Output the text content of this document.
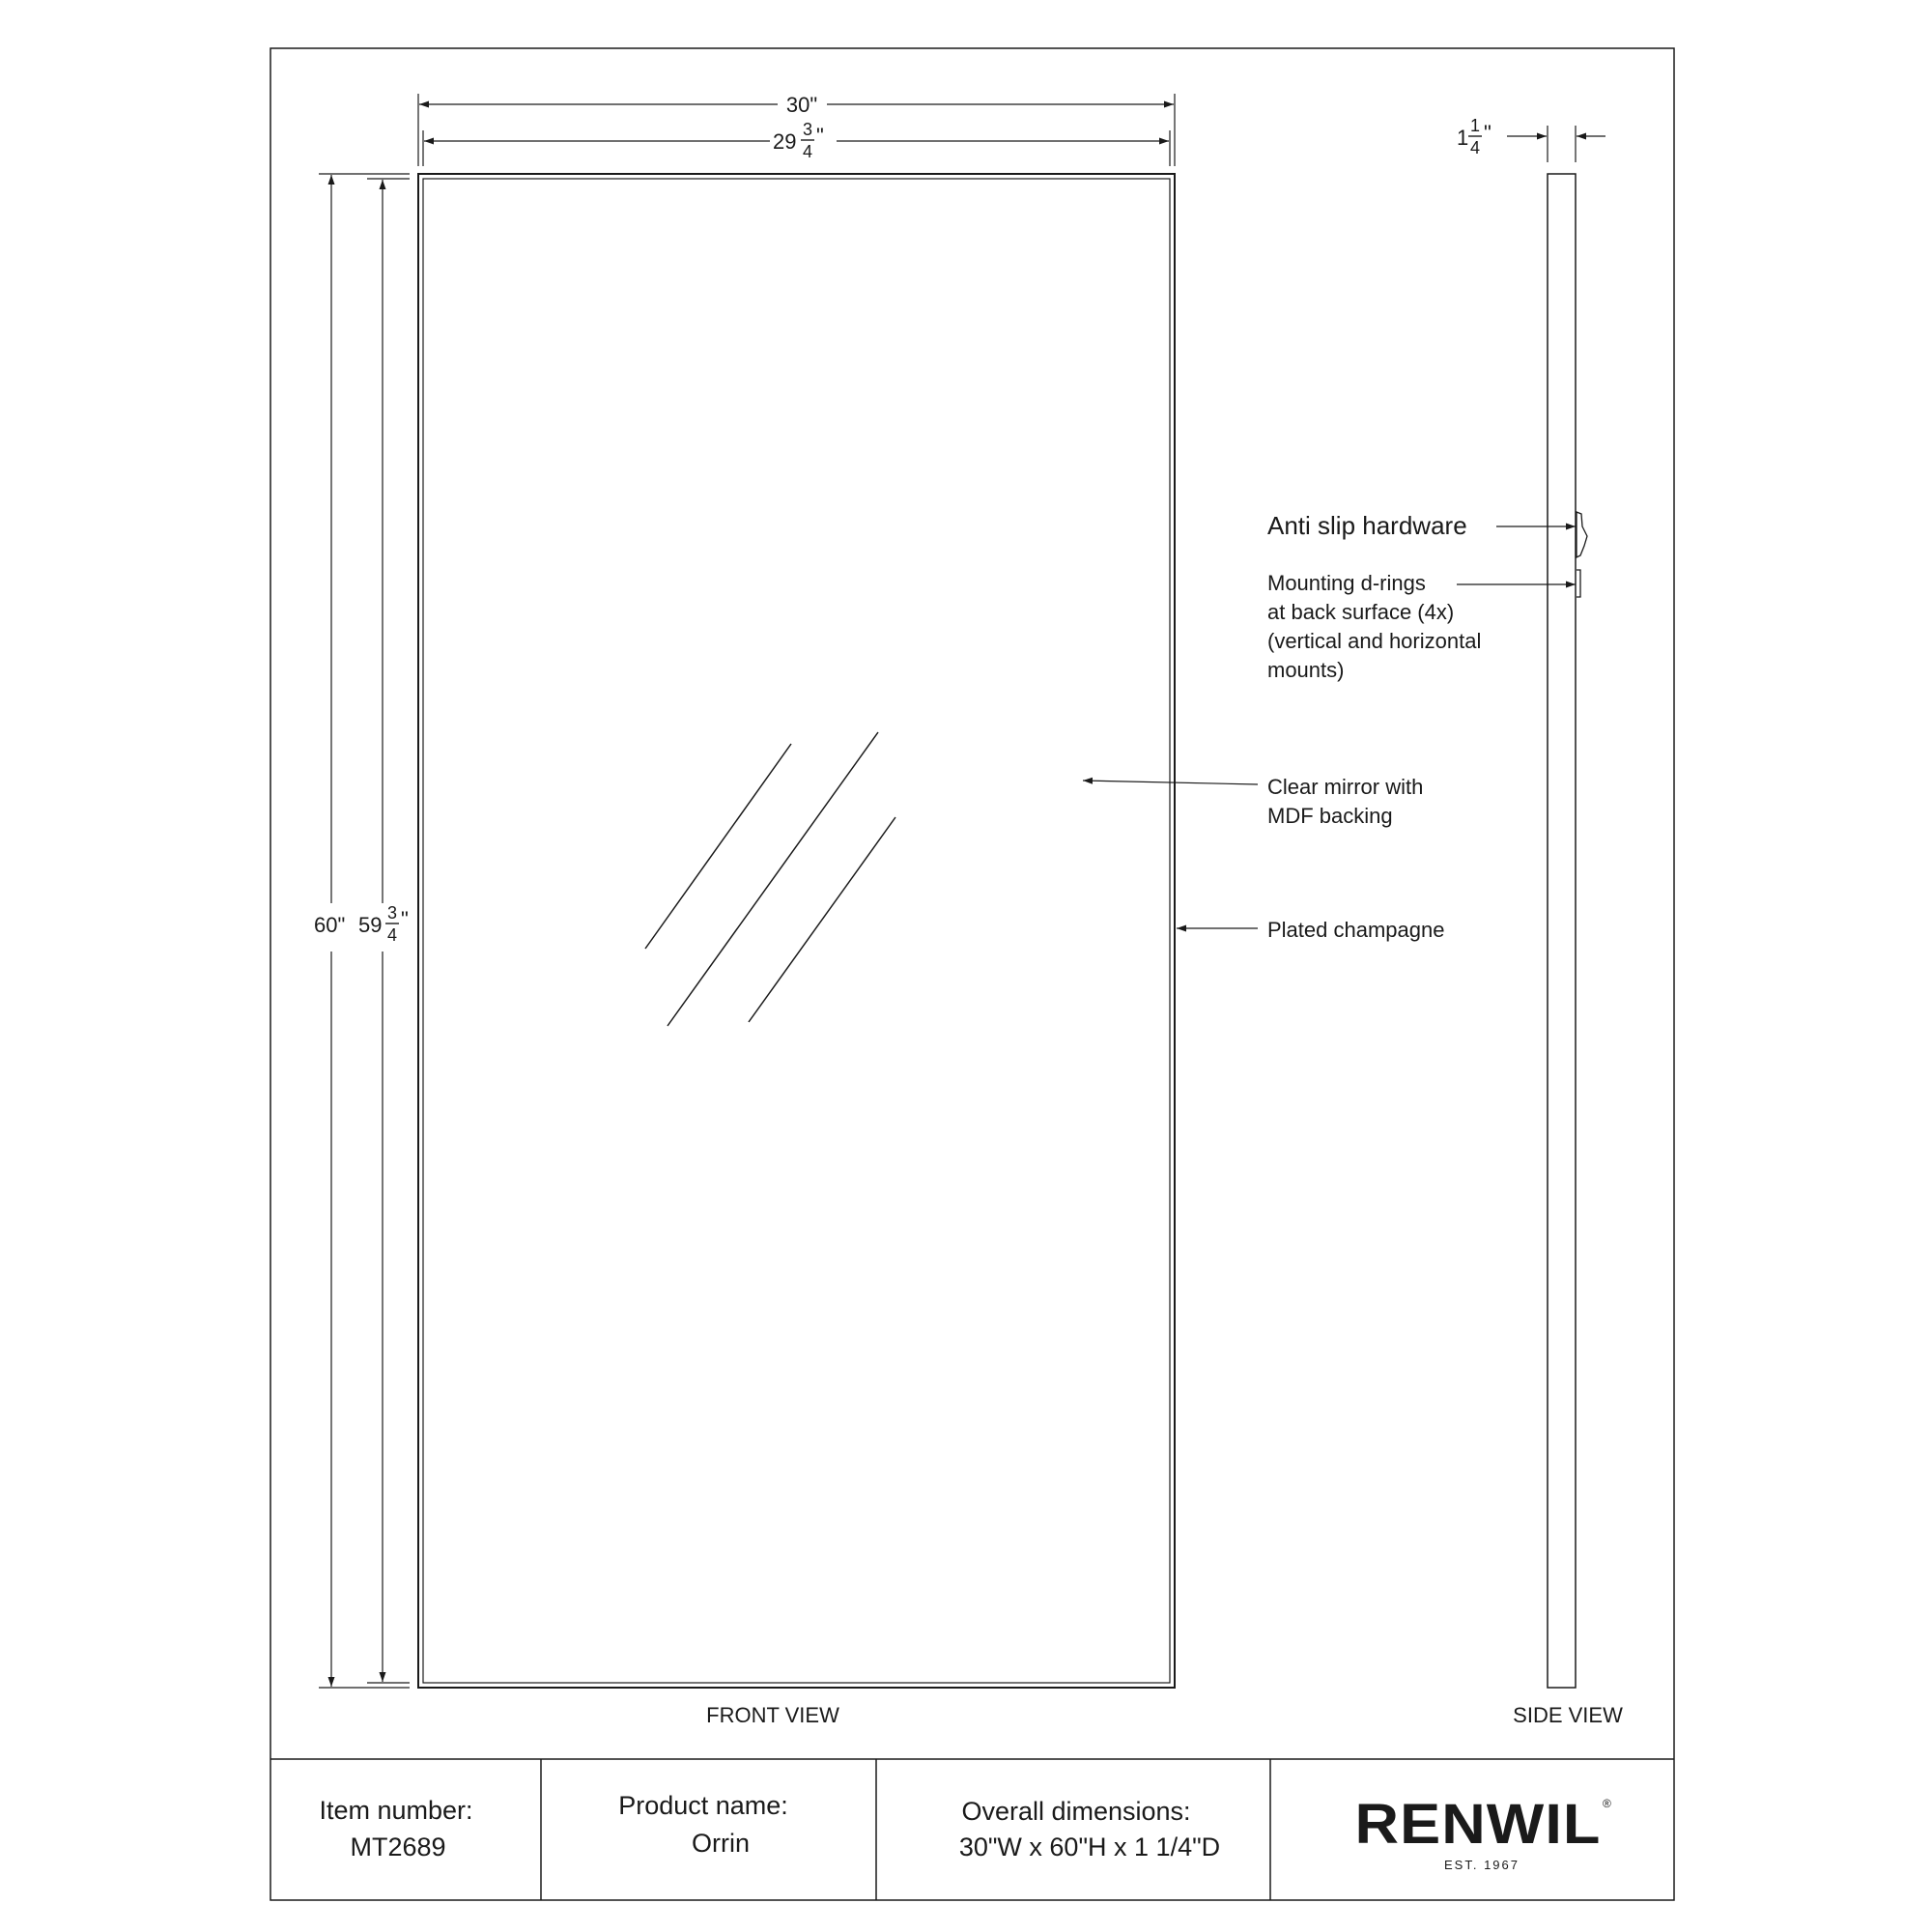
30"
29 3
4
"
60" 59 3
4
"
FRONT VIEW
1 1
4
"
SIDE VIEW
Anti slip hardware
Mounting d-rings
at back surface (4x)
(vertical and horizontal
mounts)
Clear mirror with
MDF backing
Plated champagne
Item number:
MT2689
Product name:
Orrin
Overall dimensions:
30"W x 60"H x 1 1/4"D RENWIL ®
EST. 1967
